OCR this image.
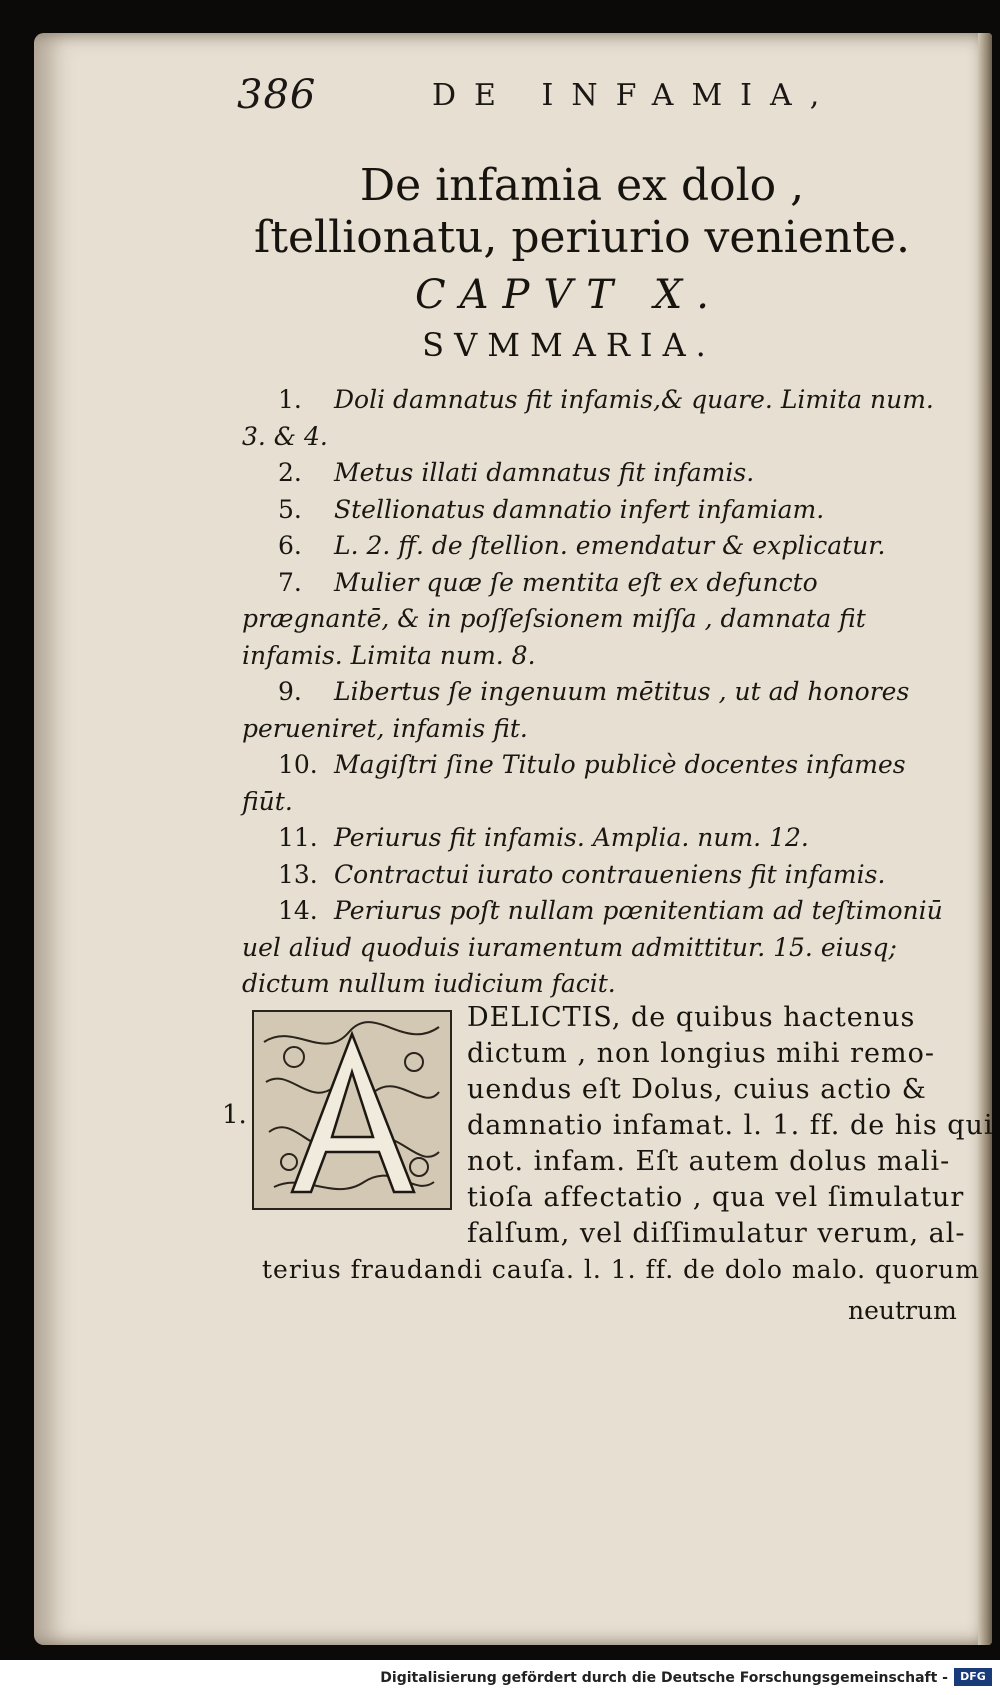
386	DE INFAMIA,
De infamia ex dolo , ſtellionatu, periurio veniente.
CAPVT X.
SVMMARIA.

1. Doli damnatus fit infamis,& quare. Limita num. 3. & 4.

2. Metus illati damnatus fit infamis.

5. Stellionatus damnatio infert infamiam.

6. L. 2. ff. de ſtellion. emendatur & explicatur.

7. Mulier quæ ſe mentita eſt ex defuncto prægnantē, & in poſſeſsionem miſſa , damnata fit infamis. Limita num. 8.

9. Libertus ſe ingenuum mētitus , ut ad honores perueniret, infamis fit.

10. Magiſtri ſine Titulo publicè docentes infames fiūt.

11. Periurus fit infamis. Amplia. num. 12.

13. Contractui iurato contraueniens fit infamis.

14. Periurus poſt nullam pœnitentiam ad teſtimoniū uel aliud quoduis iuramentum admittitur. 15. eiusq; dictum nullum iudicium facit.

1.
DELICTIS, de quibus hactenus
dictum , non longius mihi remo-
uendus eſt Dolus, cuius actio &
damnatio infamat. l. 1. ff. de his qui
not. infam. Eſt autem dolus mali-
tioſa affectatio , qua vel ſimulatur
falſum, vel diſſimulatur verum, al-
terius fraudandi cauſa. l. 1. ff. de dolo malo. quorum
neutrum
Digitalisierung gefördert durch die Deutsche Forschungsgemeinschaft -	DFG
